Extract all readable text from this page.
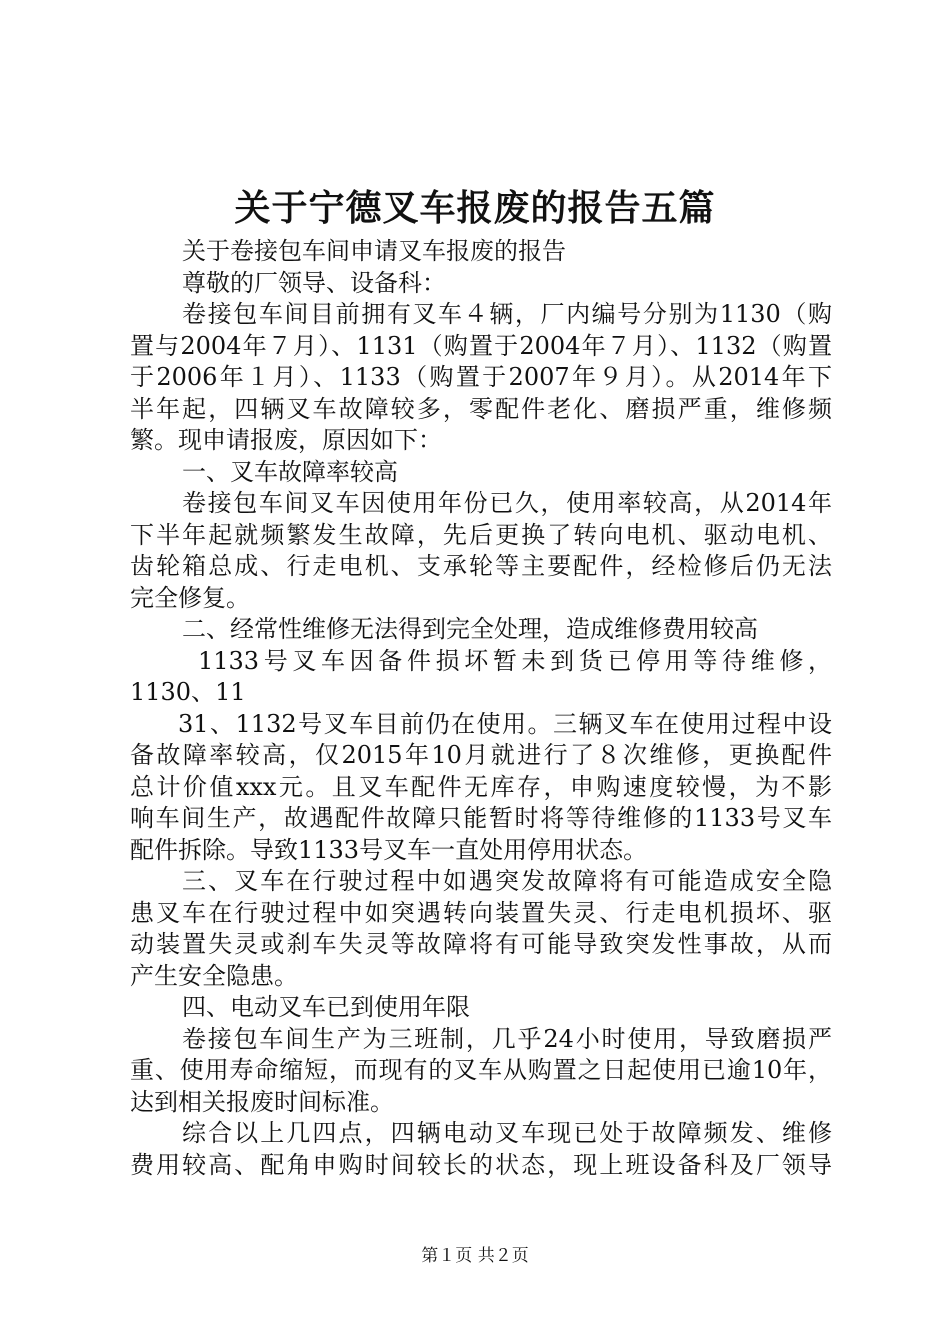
关于宁德叉车报废的报告五篇
关于卷接包车间申请叉车报废的报告
尊敬的厂领导、设备科：
卷接包车间目前拥有叉车４辆，厂内编号分别为1130（购
置与2004年７月）、1131（购置于2004年７月）、1132（购置
于2006年１月）、1133（购置于2007年９月）。从2014年下
半年起，四辆叉车故障较多，零配件老化、磨损严重，维修频
繁。现申请报废，原因如下：
一、叉车故障率较高
卷接包车间叉车因使用年份已久，使用率较高，从2014年
下半年起就频繁发生故障，先后更换了转向电机、驱动电机、
齿轮箱总成、行走电机、支承轮等主要配件，经检修后仍无法
完全修复。
二、经常性维修无法得到完全处理，造成维修费用较高
1133号叉车因备件损坏暂未到货已停用等待维修，
1130、11
31、1132号叉车目前仍在使用。三辆叉车在使用过程中设
备故障率较高，仅2015年10月就进行了８次维修，更换配件
总计价值xxx元。且叉车配件无库存，申购速度较慢，为不影
响车间生产，故遇配件故障只能暂时将等待维修的1133号叉车
配件拆除。导致1133号叉车一直处用停用状态。
三、叉车在行驶过程中如遇突发故障将有可能造成安全隐
患叉车在行驶过程中如突遇转向装置失灵、行走电机损坏、驱
动装置失灵或刹车失灵等故障将有可能导致突发性事故，从而
产生安全隐患。
四、电动叉车已到使用年限
卷接包车间生产为三班制，几乎24小时使用，导致磨损严
重、使用寿命缩短，而现有的叉车从购置之日起使用已逾10年，
达到相关报废时间标准。
综合以上几四点，四辆电动叉车现已处于故障频发、维修
费用较高、配角申购时间较长的状态，现上班设备科及厂领导
第１页 共２页
